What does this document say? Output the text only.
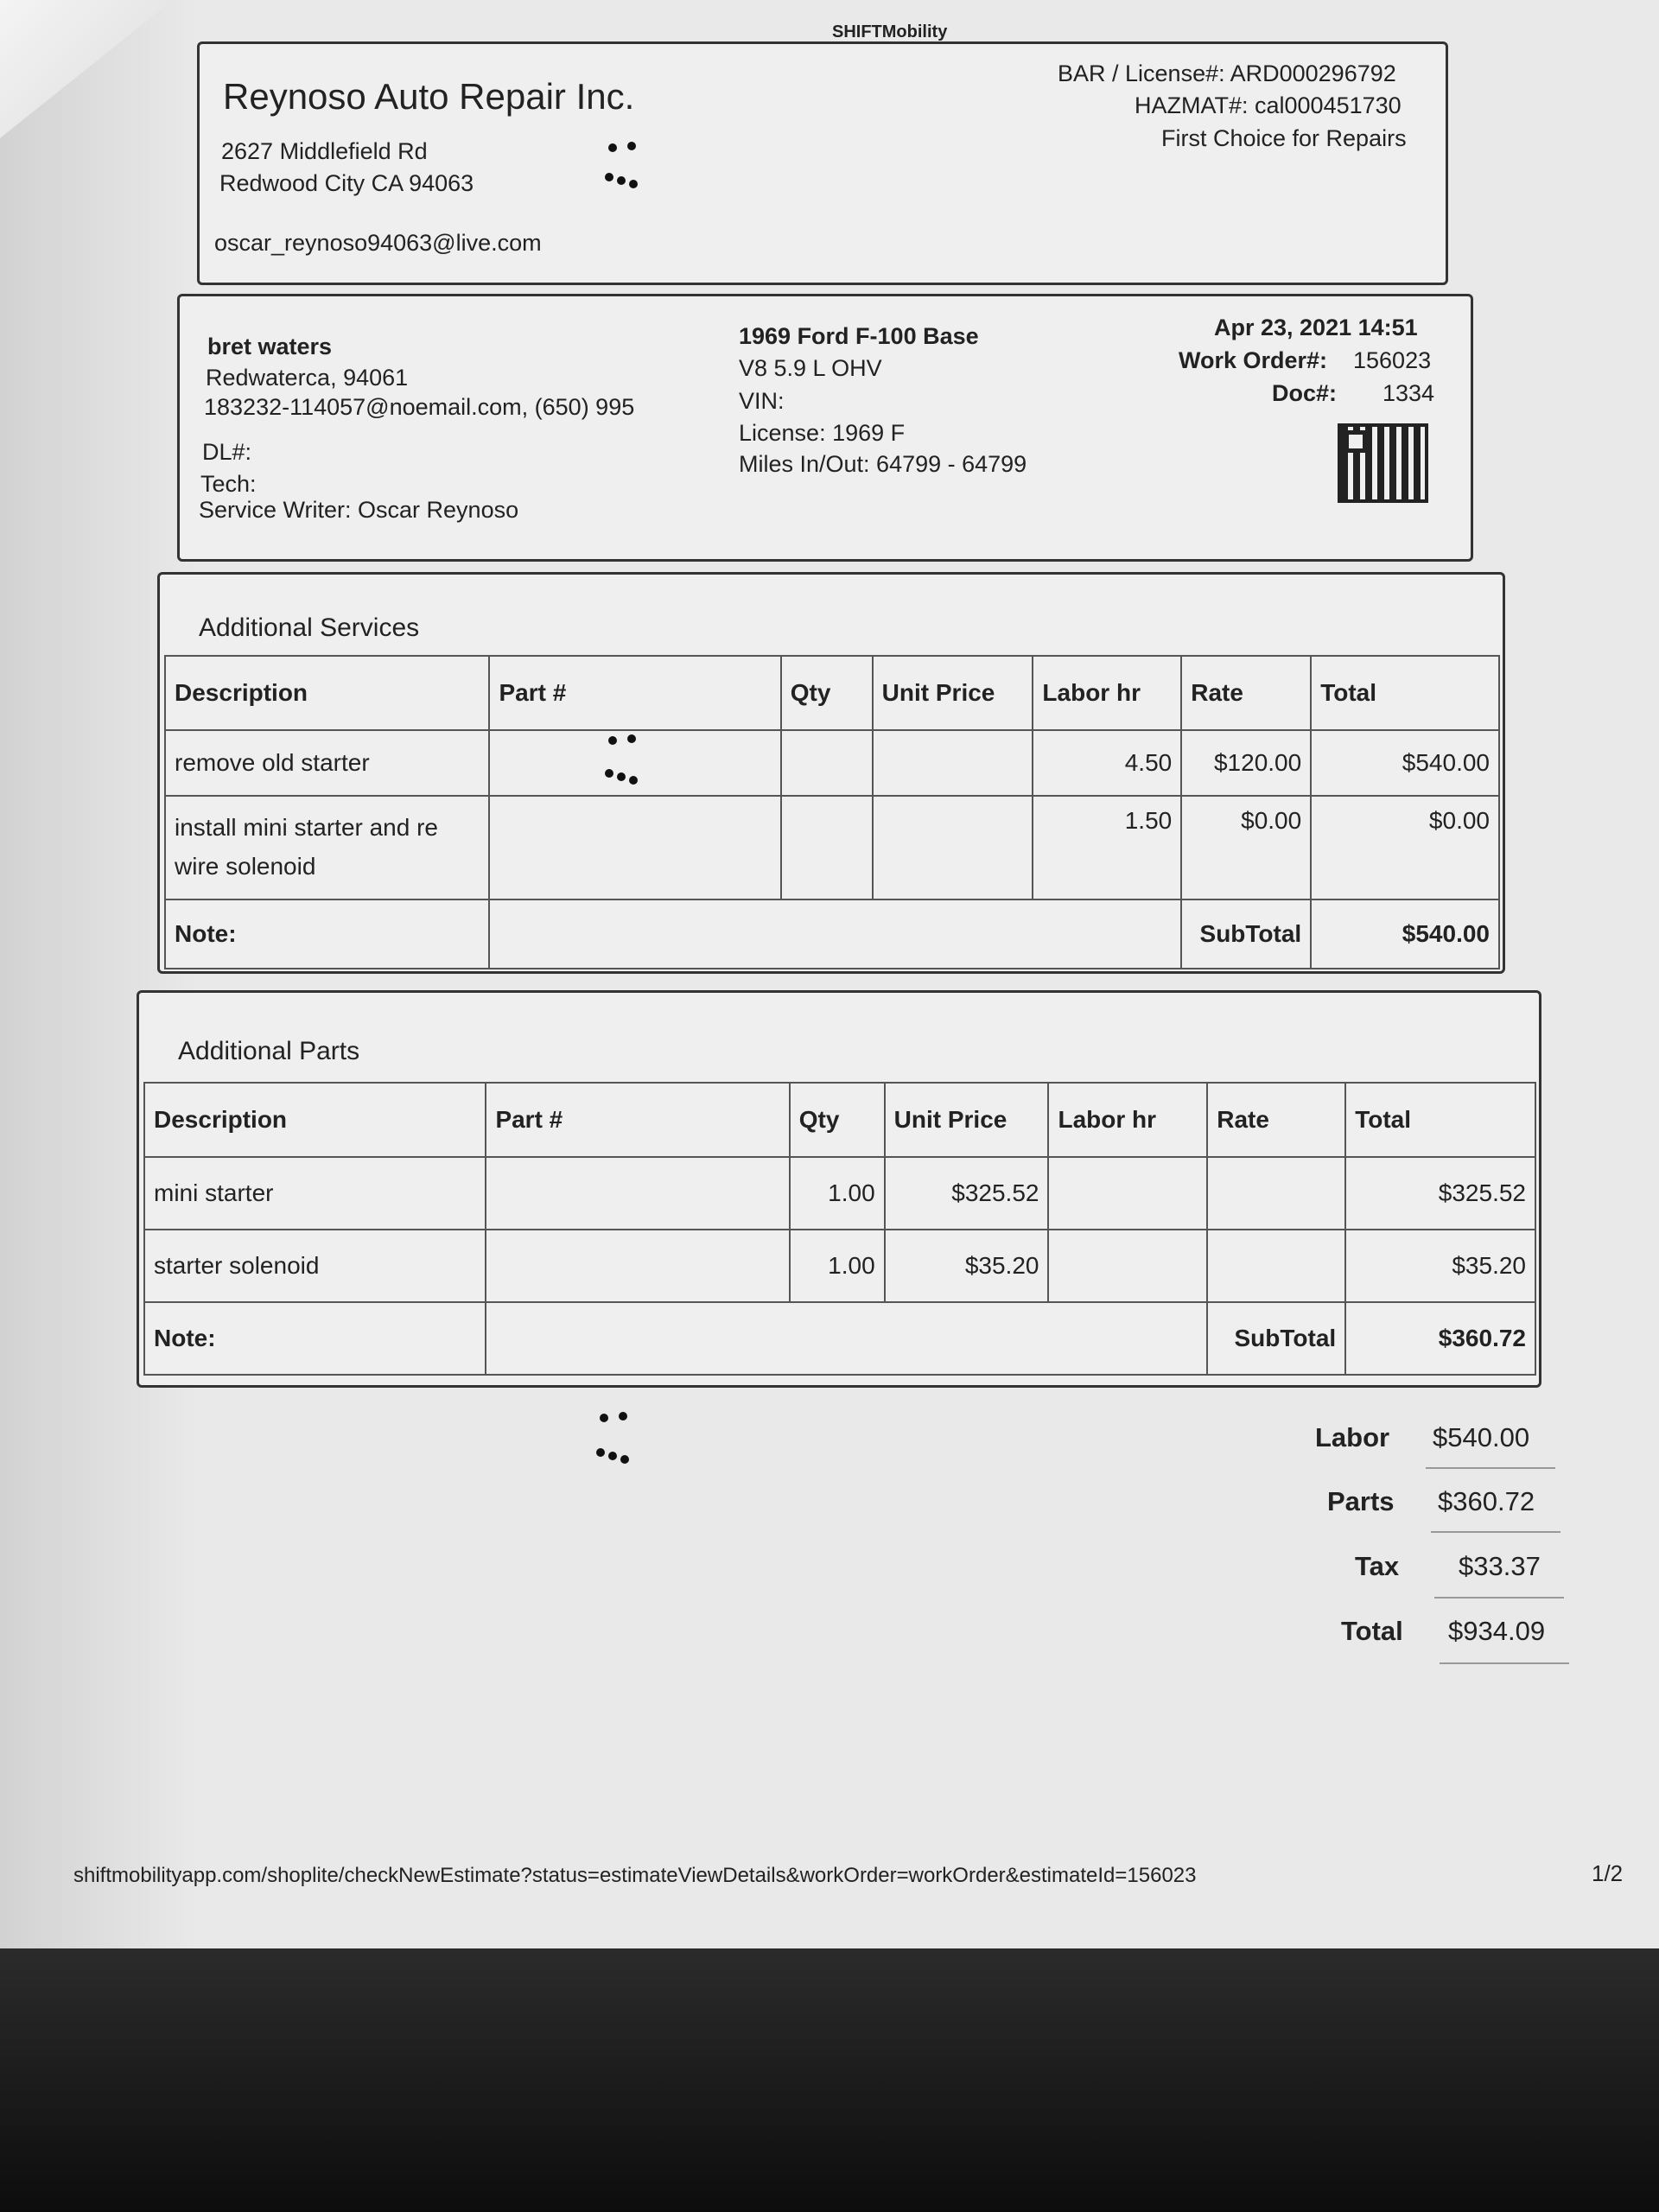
SHIFTMobility
Reynoso Auto Repair Inc.
2627 Middlefield Rd
Redwood City CA 94063
oscar_reynoso94063@live.com
BAR / License#: ARD000296792
HAZMAT#: cal000451730
First Choice for Repairs
bret waters
Redwaterca, 94061
183232-114057@noemail.com, (650) 995
DL#:
Tech:
Service Writer: Oscar Reynoso
1969 Ford F-100 Base
V8 5.9 L OHV
VIN:
License: 1969 F
Miles In/Out: 64799 - 64799
Apr 23, 2021 14:51
Work Order#: 156023
Doc#: 1334
Additional Services
Description	Part #	Qty	Unit Price	Labor hr	Rate	Total
remove old starter				4.50	$120.00	$540.00
install mini starter and re wire solenoid				1.50	$0.00	$0.00
Note:					SubTotal	$540.00
Additional Parts
Description	Part #	Qty	Unit Price	Labor hr	Rate	Total
mini starter		1.00	$325.52			$325.52
starter solenoid		1.00	$35.20			$35.20
Note:					SubTotal	$360.72
Labor $540.00
Parts $360.72
Tax $33.37
Total $934.09
shiftmobilityapp.com/shoplite/checkNewEstimate?status=estimateViewDetails&workOrder=workOrder&estimateId=156023	1/2
